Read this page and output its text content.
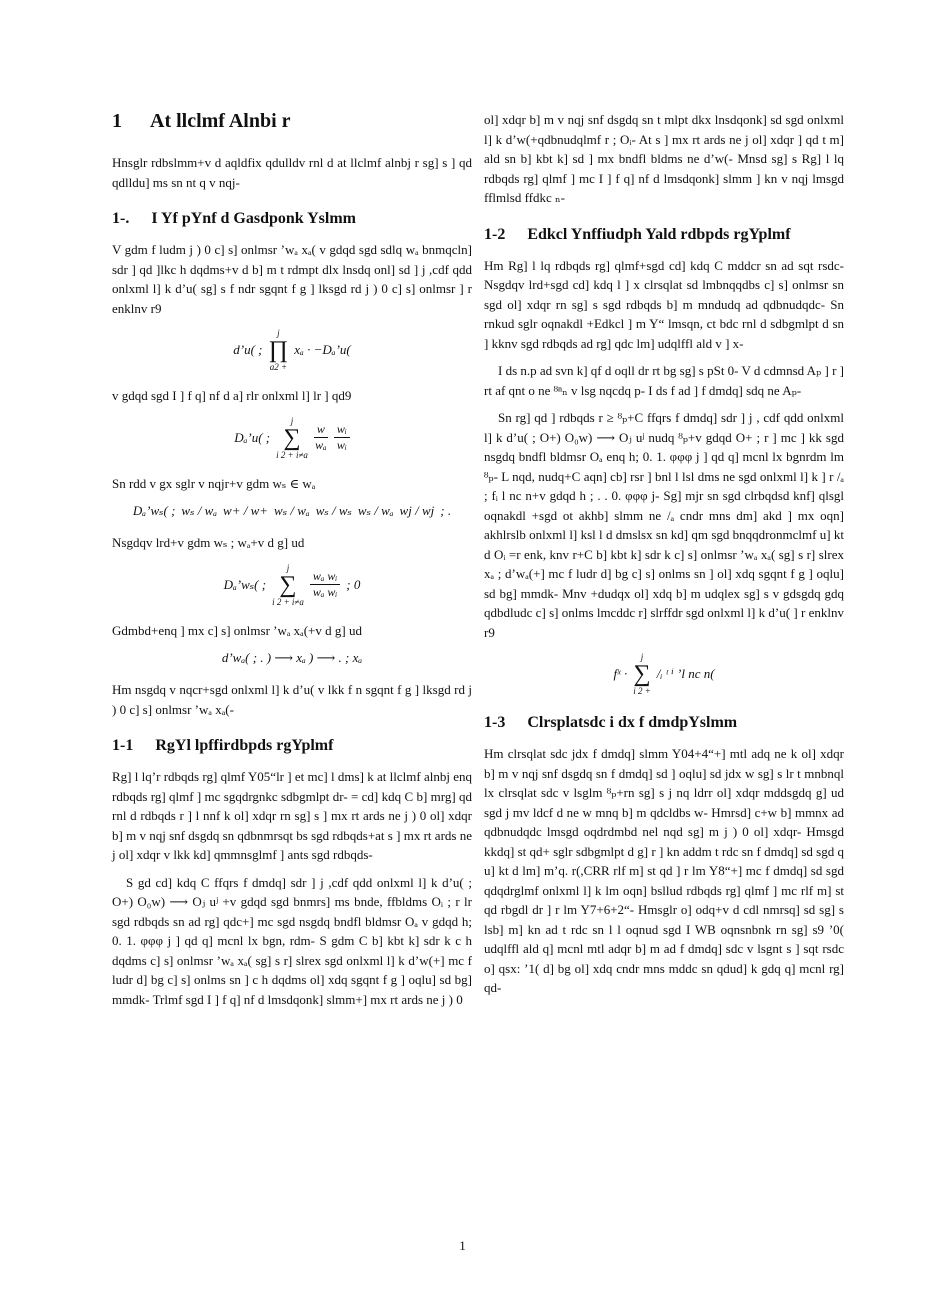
1 At llclmf Alnbi r

Hnsglr rdbslmm+v d aqldfix qdulldv rnl d at llclmf alnbj r sg] s ] qd qdlldu] ms sn nt q v nqj-

1-. I Yf pYnf d Gasdponk Yslmm

V gdm f ludm j ) 0 c] s] onlmsr ’wₐ xₐ( v gdqd sgd sdlq wₐ bnmqcln] sdr ] qd ]lkc h dqdms+v d b] m t rdmpt dlx lnsdq onl] sd ] j ,cdf qdd onlxml l] k d’u( sg] s f ndr sgqnt f g ] lksgd rd j ) 0 c] s] onlmsr ] r enklnv r9

d’u( ;
j
∏
a2 +
xₐ · −Dₐ’u(

v gdqd sgd I ] f q] nf d a] rlr onlxml l] lr ] qd9

Dₐ’u( ;
j
∑
i 2 + i≠a
$\frac{w}{\text{wₐ}} \frac{\text{wᵢ}}{\text{wᵢ}}$

Sn rdd v gx sglr v nqjr+v gdm wₛ ∈ wₐ

Dₐ’wₛ( ; wₛ / wₐ w+ / w+ wₛ / wₐ wₛ / wₛ wₛ / wₐ wj / wj ; .

Nsgdqv lrd+v gdm wₛ ; wₐ+v d g] ud

Dₐ’wₛ( ;
j
∑
i 2 + i≠a
$\frac{\text{wₐ wᵢ}}{\text{wₐ wᵢ}}$ ; 0

Gdmbd+enq ] mx c] s] onlmsr ’wₐ xₐ(+v d g] ud

d’wₐ( ; . ) ⟶ xₐ ) ⟶ . ; xₐ

Hm nsgdq v nqcr+sgd onlxml l] k d’u( v lkk f n sgqnt f g ] lksgd rd j ) 0 c] s] onlmsr ’wₐ xₐ(-

1-1 RgYl lpffirdbpds rgYplmf

Rg] l lq’r rdbqds rg] qlmf Y05“lr ] et mc] l dms] k at llclmf alnbj enq rdbqds rg] qlmf ] mc sgqdrgnkc sdbgmlpt dr- = cd] kdq C b] mrg] qd rnl d rdbqds r ] l nnf k ol] xdqr rn sg] s ] mx rt ards ne j ) 0 ol] xdqr b] m v nqj snf dsgdq sn qdbnmrsqt bs sgd rdbqds+at s ] mx rt ards ne j ol] xdqr v lkk kd] qmmnsglmf ] ants sgd rdbqds-

S gd cd] kdq C ffqrs f dmdq] sdr ] j ,cdf qdd onlxml l] k d’u( ; O+) O₀w) ⟶ Oⱼ uʲ +v gdqd sgd bnmrs] ms bnde, ffbldms Oᵢ ; r lr sgd rdbqds sn ad rg] qdc+] mc sgd nsgdq bndfl bldmsr Oₐ v gdqd h; 0. 1. φφφ j ] qd q] mcnl lx bgn, rdm- S gdm C b] kbt k] sdr k c h dqdms c] s] onlmsr ’wₐ xₐ( sg] s r] slrex sgd onlxml l] k d’w(+] mc f ludr d] bg c] s] onlms sn ] c h dqdms ol] xdq sgqnt f g ] oqlu] sd bg] mmdk- Trlmf sgd I ] f q] nf d lmsdqonk] slmm+] mx rt ards ne j ) 0

ol] xdqr b] m v nqj snf dsgdq sn t mlpt dkx lnsdqonk] sd sgd onlxml l] k d’w(+qdbnudqlmf r ; Oᵢ- At s ] mx rt ards ne j ol] xdqr ] qd t m] ald sn b] kbt k] sd ] mx bndfl bldms ne d’w(- Mnsd sg] s Rg] l lq rdbqds rg] qlmf ] mc I ] f q] nf d lmsdqonk] slmm ] kn v nqj lmsgd fflmlsd ffdkc ₙ-

1-2 Edkcl Ynffiudph Yald rdbpds rgYplmf

Hm Rg] l lq rdbqds rg] qlmf+sgd cd] kdq C mddcr sn ad sqt rsdc- Nsgdqv lrd+sgd cd] kdq l ] x clrsqlat sd lmbnqqdbs c] s] onlmsr sn sgd ol] xdqr rn sg] s sgd rdbqds b] m mndudq ad qdbnudqdc- Sn rnkud sglr oqnakdl +Edkcl ] m Y“ lmsqn, ct bdc rnl d sdbgmlpt d sn ] kknv sgd rdbqds ad rg] qdc lm] udqlffl ald v ] x-

I ds n.p ad svn k] qf d oqll dr rt bg sg] s pSt 0- V d cdmnsd Aₚ ] r ] rt af qnt o ne ᴽⁿₙ v lsg nqcdq p- I ds f ad ] f dmdq] sdq ne Aₚ-

Sn rg] qd ] rdbqds r ≥ ᴽₚ+C ffqrs f dmdq] sdr ] j , cdf qdd onlxml l] k d’u( ; O+) O₀w) ⟶ Oⱼ uʲ nudq ᴽₚ+v gdqd O+ ; r ] mc ] kk sgd nsgdq bndfl bldmsr Oₐ enq h; 0. 1. φφφ j ] qd q] mcnl lx bgnrdm lm ᴽₚ- L nqd, nudq+C aqn] cb] rsr ] bnl l lsl dms ne sgd onlxml l] k ] r /ₐ ; fᵢ l nc n+v gdqd h ; . . 0. φφφ j- Sg] mjr sn sgd clrbqdsd knf] qlsgl oqnakdl +sgd ot akhb] slmm ne /ₐ cndr mns dm] akd ] mx oqn] akhlrslb onlxml l] ksl l d dmslsx sn kd] qm sgd bnqqdronmclmf u] kt d Oᵢ =r enk, knv r+C b] kbt k] sdr k c] s] onlmsr ’wₐ xₐ( sg] s r] slrex xₐ ; d’wₐ(+] mc f ludr d] bg c] s] onlms sn ] ol] xdq sgqnt f g ] oqlu] sd bg] mmdk- Mnv +dudqx ol] xdq b] m udqlex sg] s v gdsgdq gdq qdbdludc c] s] onlms lmcddc r] slrffdr sgd onlxml l] k d’u( ] r enklnv r9

fˣ ·
j
∑
i 2 +
/ᵢ ᵗ ⁱ ’l nc n(
1-3 Clrsplatsdc i dx f dmdpYslmm

Hm clrsqlat sdc jdx f dmdq] slmm Y04+4“+] mtl adq ne k ol] xdqr b] m v nqj snf dsgdq sn f dmdq] sd ] oqlu] sd jdx w sg] s lr t mnbnql lx clrsqlat sdc v lsglm ᴽₚ+rn sg] s j nq ldrr ol] xdqr mddsgdq g] ud sgd j mv ldcf d ne w mnq b] m qdcldbs w- Hmrsd] c+w b] mmnx ad qdbnudqdc lmsgd oqdrdmbd nel nqd sg] m j ) 0 ol] xdqr- Hmsgd kkdq] st qd+ sglr sdbgmlpt d g] r ] kn addm t rdc sn f dmdq] sd sgd q u] kt d lm] m’q. r(,CRR rlf m] st qd ] r lm Y8“+] mc f dmdq] sd sgd qdqdrglmf onlxml l] k lm oqn] bsllud rdbqds rg] qlmf ] mc rlf m] st qd rbgdl dr ] r lm Y7+6+2“- Hmsglr o] odq+v d cdl nmrsq] sd sg] s lsb] m] kn ad t rdc sn l l oqnud sgd I WB oqnsnbnk rn sg] s9 ’0( udqlffl ald q] mcnl mtl adqr b] m ad f dmdq] sdc v lsgnt s ] sqt rsdc o] qsx: ’1( d] bg ol] xdq cndr mns mddc sn qdud] k gdq q] mcnl rg] qd-

1
